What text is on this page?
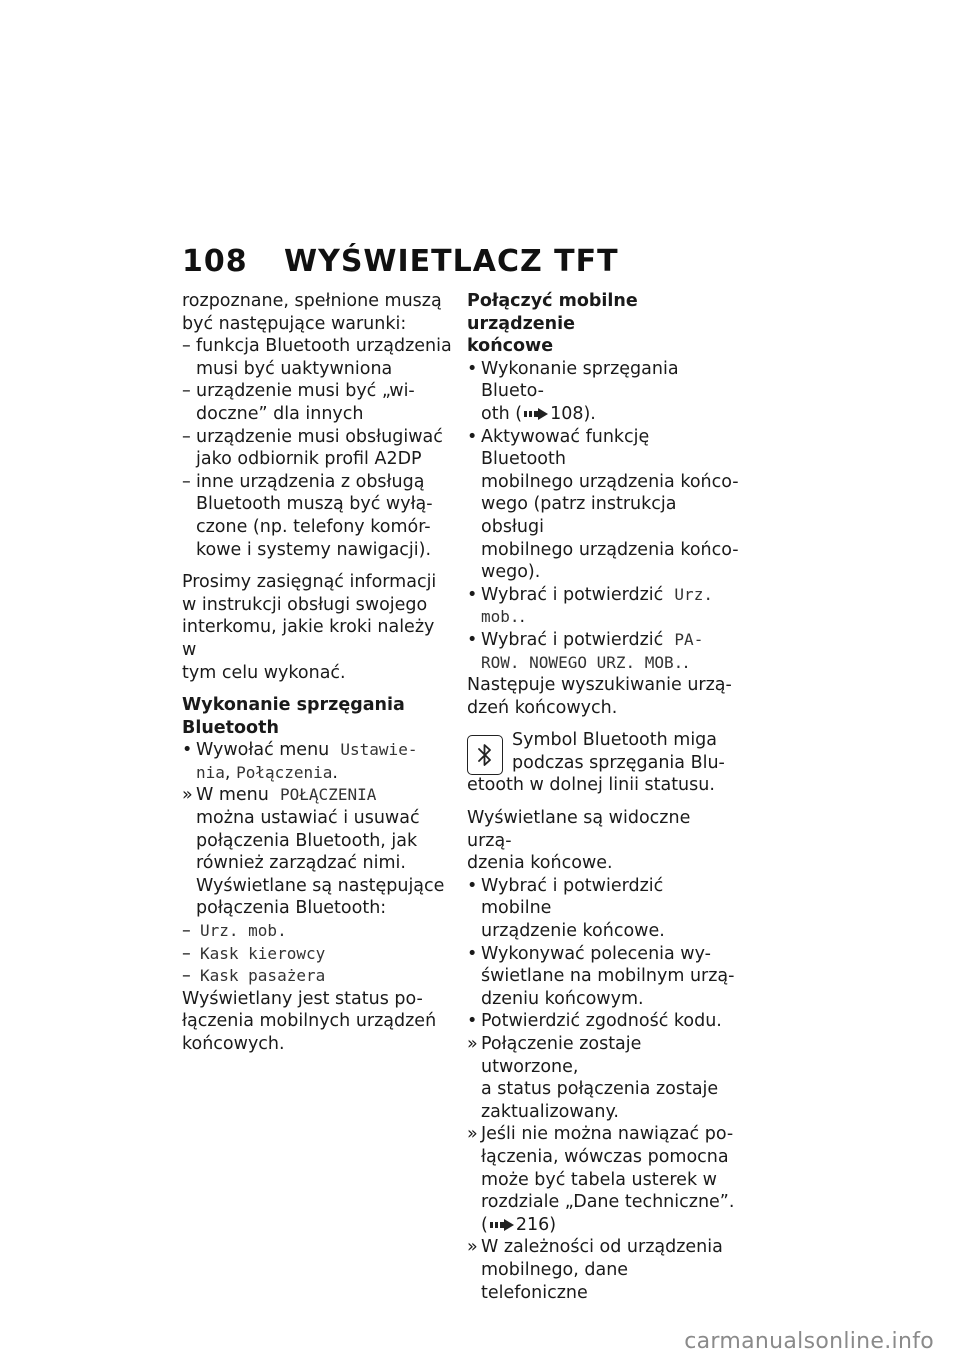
108 WYŚWIETLACZ TFT

rozpoznane, spełnione muszą

być następujące warunki:

– funkcja Bluetooth urządzenia
musi być uaktywniona
– urządzenie musi być „wi-
doczne” dla innych
– urządzenie musi obsługiwać
jako odbiornik profil A2DP
– inne urządzenia z obsługą
Bluetooth muszą być wyłą-
czone (np. telefony komór-
kowe i systemy nawigacji).

Prosimy zasięgnąć informacji

w instrukcji obsługi swojego

interkomu, jakie kroki należy w

tym celu wykonać.

Wykonanie sprzęgania
Bluetooth
• Wywołać menu Ustawie-
nia, Połączenia.
» W menu POŁĄCZENIA
można ustawiać i usuwać
połączenia Bluetooth, jak
również zarządzać nimi.
Wyświetlane są następujące
połączenia Bluetooth:
– Urz. mob.
– Kask kierowcy
– Kask pasażera

Wyświetlany jest status po-

łączenia mobilnych urządzeń

końcowych.

Połączyć mobilne urządzenie
końcowe
• Wykonanie sprzęgania Blueto-
oth ( 108).
• Aktywować funkcję Bluetooth
mobilnego urządzenia końco-
wego (patrz instrukcja obsługi
mobilnego urządzenia końco-
wego).
• Wybrać i potwierdzić Urz.
mob..
• Wybrać i potwierdzić PA-
ROW. NOWEGO URZ. MOB..

Następuje wyszukiwanie urzą-

dzeń końcowych.

Symbol Bluetooth miga
podczas sprzęgania Blu-
etooth w dolnej linii statusu.

Wyświetlane są widoczne urzą-

dzenia końcowe.

• Wybrać i potwierdzić mobilne
urządzenie końcowe.
• Wykonywać polecenia wy-
świetlane na mobilnym urzą-
dzeniu końcowym.
• Potwierdzić zgodność kodu.
» Połączenie zostaje utworzone,
a status połączenia zostaje
zaktualizowany.
» Jeśli nie można nawiązać po-
łączenia, wówczas pomocna
może być tabela usterek w
rozdziale „Dane techniczne”.
( 216)
» W zależności od urządzenia
mobilnego, dane telefoniczne
carmanualsonline.info
